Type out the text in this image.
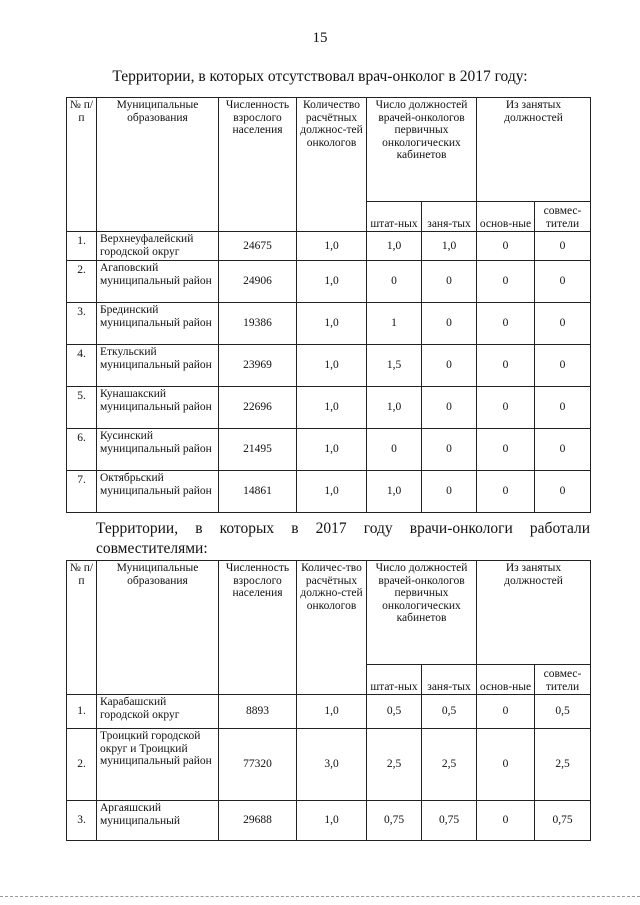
15
Территории, в которых отсутствовал врач-онколог в 2017 году:
№ п/п	Муниципальные образования	Численность взрослого населения	Количество расчётных должнос-тей онкологов	Число должностей врачей-онкологов первичных онкологических кабинетов		Из занятых должностей	
				штат-ных	заня-тых	основ-ные	совмес-тители
1.	Верхнеуфалейский городской округ	24675	1,0	1,0	1,0	0	0
2.	Агаповский муниципальный район	24906	1,0	0	0	0	0
3.	Брединский муниципальный район	19386	1,0	1	0	0	0
4.	Еткульский муниципальный район	23969	1,0	1,5	0	0	0
5.	Кунашакский муниципальный район	22696	1,0	1,0	0	0	0
6.	Кусинский муниципальный район	21495	1,0	0	0	0	0
7.	Октябрьский муниципальный район	14861	1,0	1,0	0	0	0
Территории, в которых в 2017 году врачи-онкологи работали совместителями:
№ п/п	Муниципальные образования	Численность взрослого населения	Количес-тво расчётных должно-стей онкологов	Число должностей врачей-онкологов первичных онкологических кабинетов		Из занятых должностей	
				штат-ных	заня-тых	основ-ные	совмес-тители
1.	Карабашский городской округ	8893	1,0	0,5	0,5	0	0,5
2.	Троицкий городской округ и Троицкий муниципальный район	77320	3,0	2,5	2,5	0	2,5
3.	Аргаяшский муниципальный	29688	1,0	0,75	0,75	0	0,75
